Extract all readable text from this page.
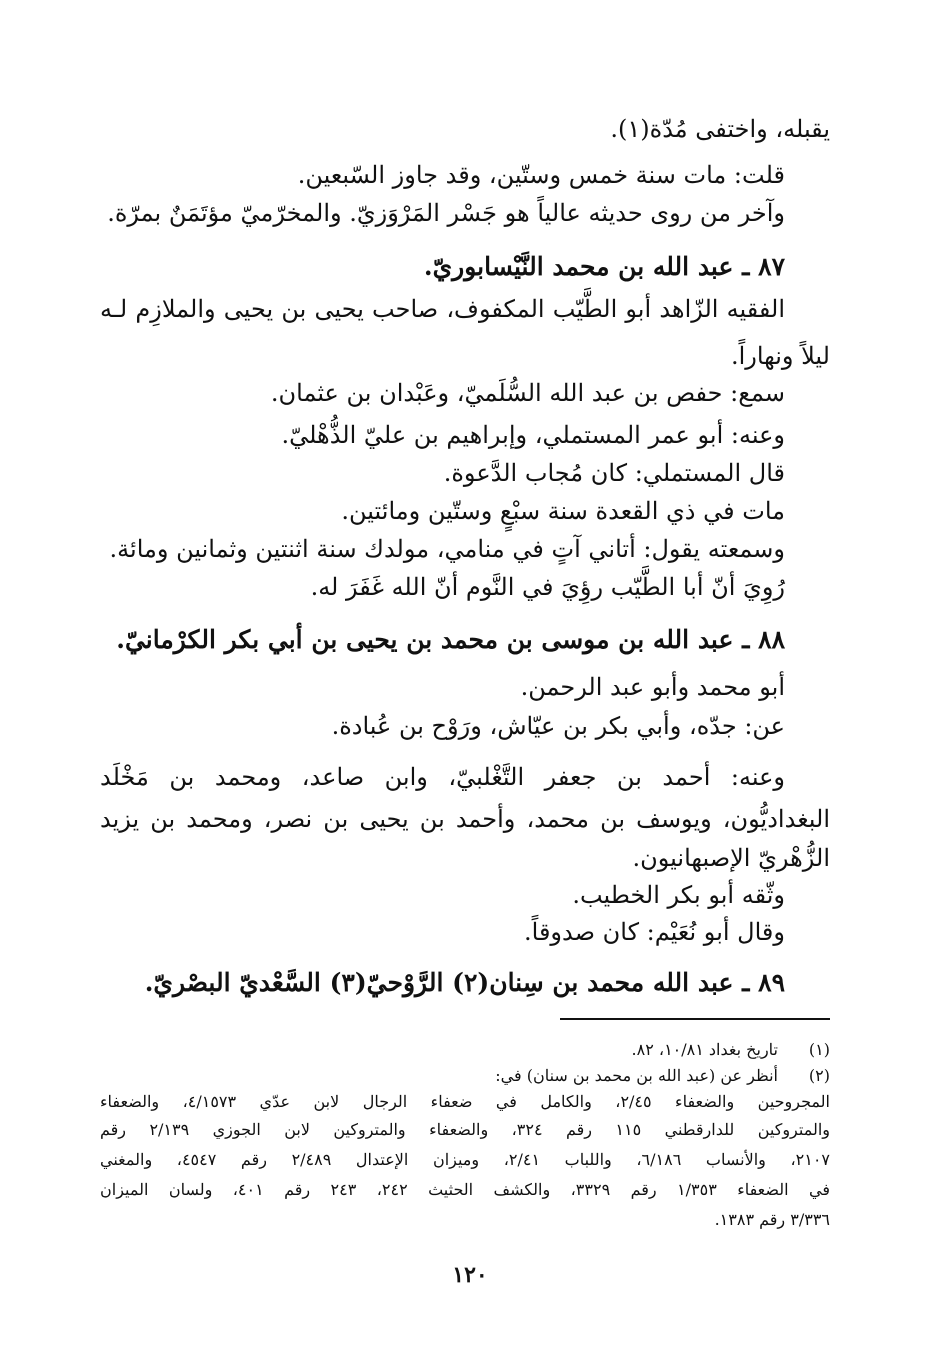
يقبله، واختفى مُدّة(١).
قلت: مات سنة خمس وستّين، وقد جاوز السّبعين.
وآخر من روى حديثه عالياً هو جَسْر المَرْوَزيّ. والمخرّميّ مؤتَمَنٌ بمرّة.
٨٧ ـ عبد الله بن محمد النَّيْسابوريّ.
الفقيه الزّاهد أبو الطَّيّب المكفوف، صاحب يحيى بن يحيى والملازِم لـه
ليلاً ونهاراً.
سمع: حفص بن عبد الله السُّلَميّ، وعَبْدان بن عثمان.
وعنه: أبو عمر المستملي، وإبراهيم بن عليّ الذُّهْليّ.
قال المستملي: كان مُجاب الدَّعوة.
مات في ذي القعدة سنة سبْعٍ وستّين ومائتين.
وسمعته يقول: أتاني آتٍ في منامي، مولدك سنة اثنتين وثمانين ومائة.
رُوِيَ أنّ أبا الطَّيّب رؤِيَ في النَّوم أنّ الله غَفَرَ له.
٨٨ ـ عبد الله بن موسى بن محمد بن يحيى بن أبي بكر الكرْمانيّ.
أبو محمد وأبو عبد الرحمن.
عن: جدّه، وأبي بكر بن عيّاش، ورَوْح بن عُبادة.
وعنه: أحمد بن جعفر التَّغْلبيّ، وابن صاعد، ومحمد بن مَخْلَد
البغداديُّون، ويوسف بن محمد، وأحمد بن يحيى بن نصر، ومحمد بن يزيد
الزُّهْريّ الإصبهانيون.
وثّقه أبو بكر الخطيب.
وقال أبو نُعَيْم: كان صدوقاً.
٨٩ ـ عبد الله محمد بن سِنان(٢) الرَّوْحيّ(٣) السَّعْديّ البصْريّ.
(١)
تاريخ بغداد ١٠/٨١، ٨٢.
(٢)
أنظر عن (عبد الله بن محمد بن سنان) في:
المجروحين والضعفاء ٢/٤٥، والكامل في ضعفاء الرجال لابن عدّي ٤/١٥٧٣، والضعفاء
والمتروكين للدارقطني ١١٥ رقم ٣٢٤، والضعفاء والمتروكين لابن الجوزي ٢/١٣٩ رقم
٢١٠٧، والأنساب ٦/١٨٦، واللباب ٢/٤١، وميزان الإعتدال ٢/٤٨٩ رقم ٤٥٤٧، والمغني
في الضعفاء ١/٣٥٣ رقم ٣٣٢٩، والكشف الحثيث ٢٤٢، ٢٤٣ رقم ٤٠١، ولسان الميزان
٣/٣٣٦ رقم ١٣٨٣.
١٢٠
